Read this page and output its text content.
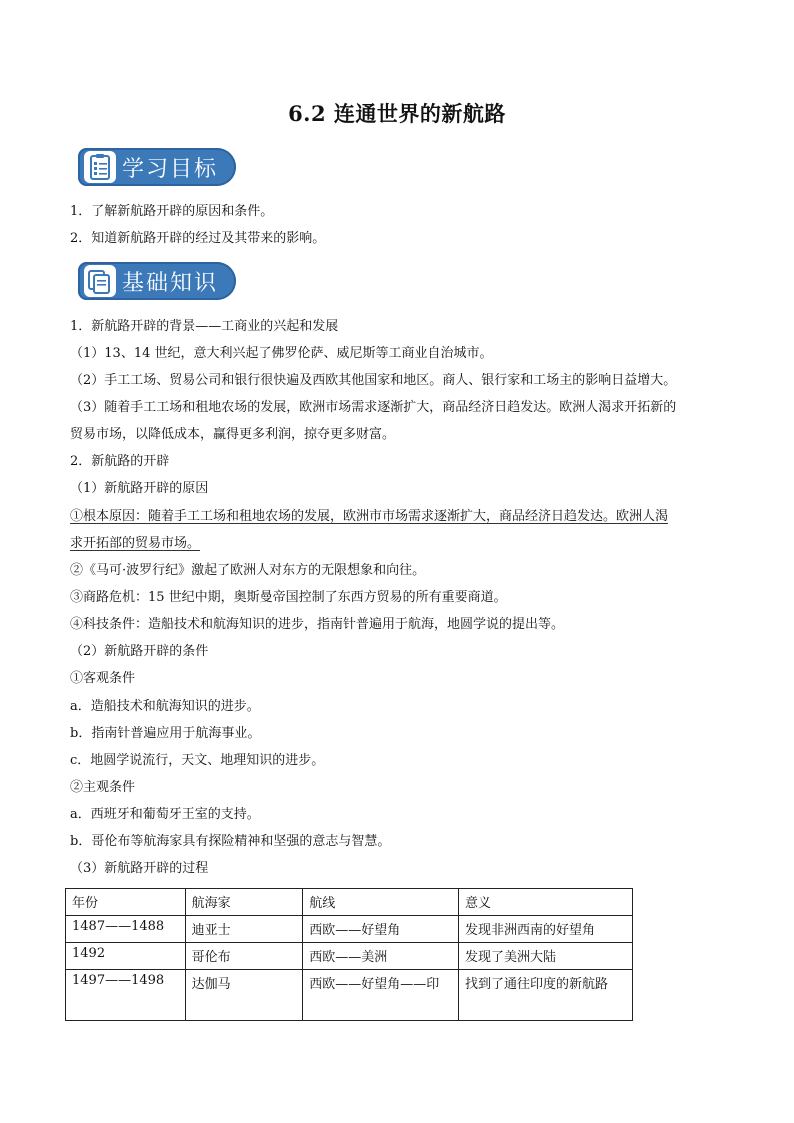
6.2 连通世界的新航路
学习目标
1．了解新航路开辟的原因和条件。
2．知道新航路开辟的经过及其带来的影响。
基础知识
1．新航路开辟的背景——工商业的兴起和发展
（1）13、14 世纪，意大利兴起了佛罗伦萨、威尼斯等工商业自治城市。
（2）手工工场、贸易公司和银行很快遍及西欧其他国家和地区。商人、银行家和工场主的影响日益增大。
（3）随着手工工场和租地农场的发展，欧洲市场需求逐渐扩大，商品经济日趋发达。欧洲人渴求开拓新的
贸易市场，以降低成本，赢得更多利润，掠夺更多财富。
2．新航路的开辟
（1）新航路开辟的原因
①根本原因：随着手工工场和租地农场的发展，欧洲市市场需求逐渐扩大，商品经济日趋发达。欧洲人渴
求开拓部的贸易市场。
②《马可·波罗行纪》激起了欧洲人对东方的无限想象和向往。
③商路危机：15 世纪中期，奥斯曼帝国控制了东西方贸易的所有重要商道。
④科技条件：造船技术和航海知识的进步，指南针普遍用于航海，地圆学说的提出等。
（2）新航路开辟的条件
①客观条件
a．造船技术和航海知识的进步。
b．指南针普遍应用于航海事业。
c．地圆学说流行，天文、地理知识的进步。
②主观条件
a．西班牙和葡萄牙王室的支持。
b．哥伦布等航海家具有探险精神和坚强的意志与智慧。
（3）新航路开辟的过程
年份	航海家	航线	意义
1487——1488	迪亚士	西欧——好望角	发现非洲西南的好望角
1492	哥伦布	西欧——美洲	发现了美洲大陆
1497——1498	达伽马	西欧——好望角——印	找到了通往印度的新航路
